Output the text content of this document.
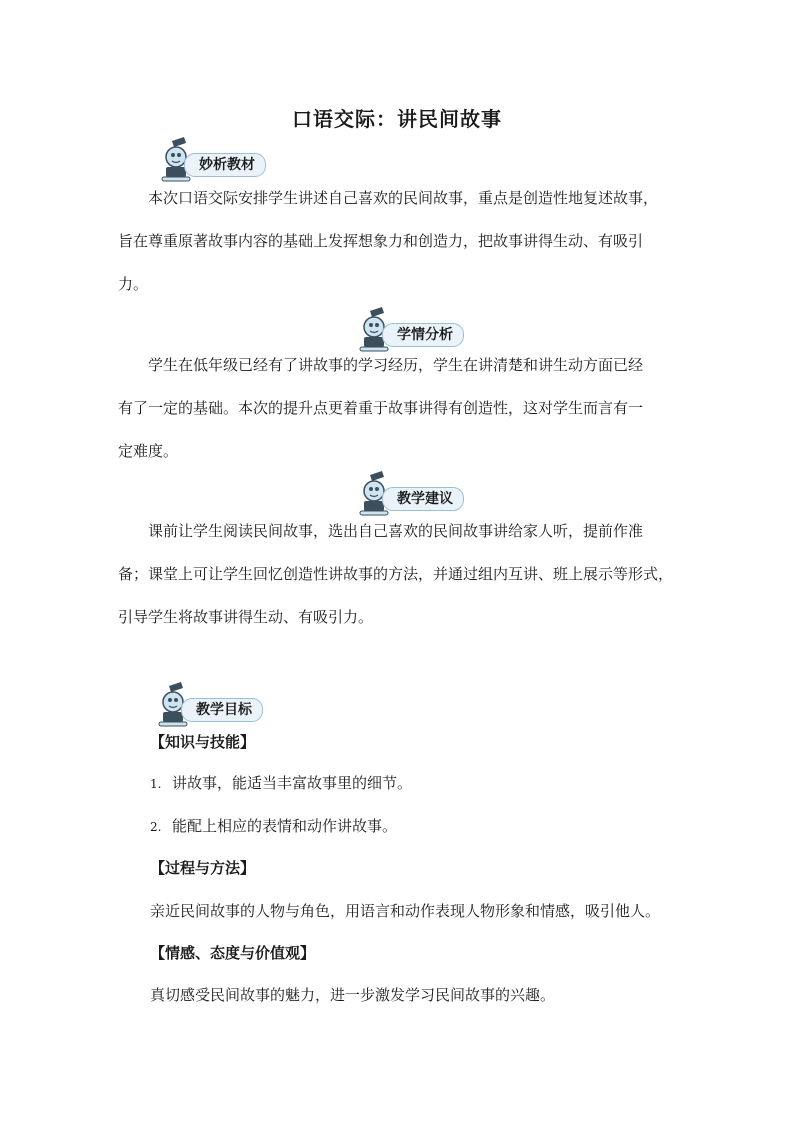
口语交际：讲民间故事
妙析教材
本次口语交际安排学生讲述自己喜欢的民间故事，重点是创造性地复述故事，
旨在尊重原著故事内容的基础上发挥想象力和创造力，把故事讲得生动、有吸引
力。
学情分析
学生在低年级已经有了讲故事的学习经历，学生在讲清楚和讲生动方面已经
有了一定的基础。本次的提升点更着重于故事讲得有创造性，这对学生而言有一
定难度。
教学建议
课前让学生阅读民间故事，选出自己喜欢的民间故事讲给家人听，提前作准
备；课堂上可让学生回忆创造性讲故事的方法，并通过组内互讲、班上展示等形式，
引导学生将故事讲得生动、有吸引力。
教学目标
【知识与技能】
1. 讲故事，能适当丰富故事里的细节。
2. 能配上相应的表情和动作讲故事。
【过程与方法】
亲近民间故事的人物与角色，用语言和动作表现人物形象和情感，吸引他人。
【情感、态度与价值观】
真切感受民间故事的魅力，进一步激发学习民间故事的兴趣。
